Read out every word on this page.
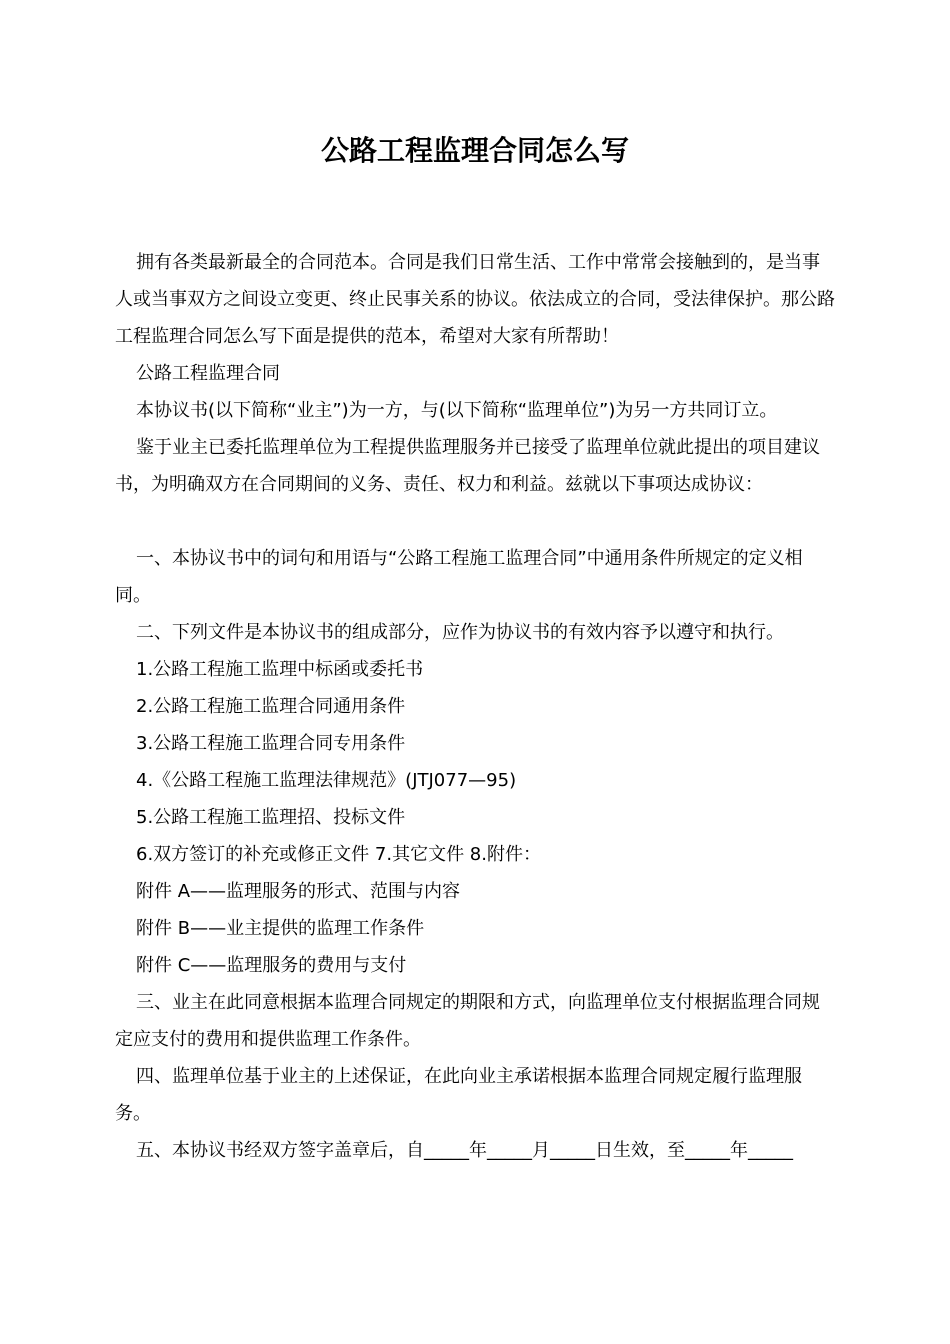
公路工程监理合同怎么写

拥有各类最新最全的合同范本。合同是我们日常生活、工作中常常会接触到的，是当事人或当事双方之间设立变更、终止民事关系的协议。依法成立的合同，受法律保护。那公路工程监理合同怎么写下面是提供的范本，希望对大家有所帮助！

公路工程监理合同

本协议书(以下简称“业主”)为一方，与(以下简称“监理单位”)为另一方共同订立。

鉴于业主已委托监理单位为工程提供监理服务并已接受了监理单位就此提出的项目建议书，为明确双方在合同期间的义务、责任、权力和利益。兹就以下事项达成协议：

一、本协议书中的词句和用语与“公路工程施工监理合同”中通用条件所规定的定义相同。

二、下列文件是本协议书的组成部分，应作为协议书的有效内容予以遵守和执行。

1.公路工程施工监理中标函或委托书

2.公路工程施工监理合同通用条件

3.公路工程施工监理合同专用条件

4.《公路工程施工监理法律规范》(JTJ077—95)

5.公路工程施工监理招、投标文件

6.双方签订的补充或修正文件 7.其它文件 8.附件：

附件 A——监理服务的形式、范围与内容

附件 B——业主提供的监理工作条件

附件 C——监理服务的费用与支付

三、业主在此同意根据本监理合同规定的期限和方式，向监理单位支付根据监理合同规定应支付的费用和提供监理工作条件。

四、监理单位基于业主的上述保证，在此向业主承诺根据本监理合同规定履行监理服务。

五、本协议书经双方签字盖章后，自_____年_____月_____日生效，至_____年_____
